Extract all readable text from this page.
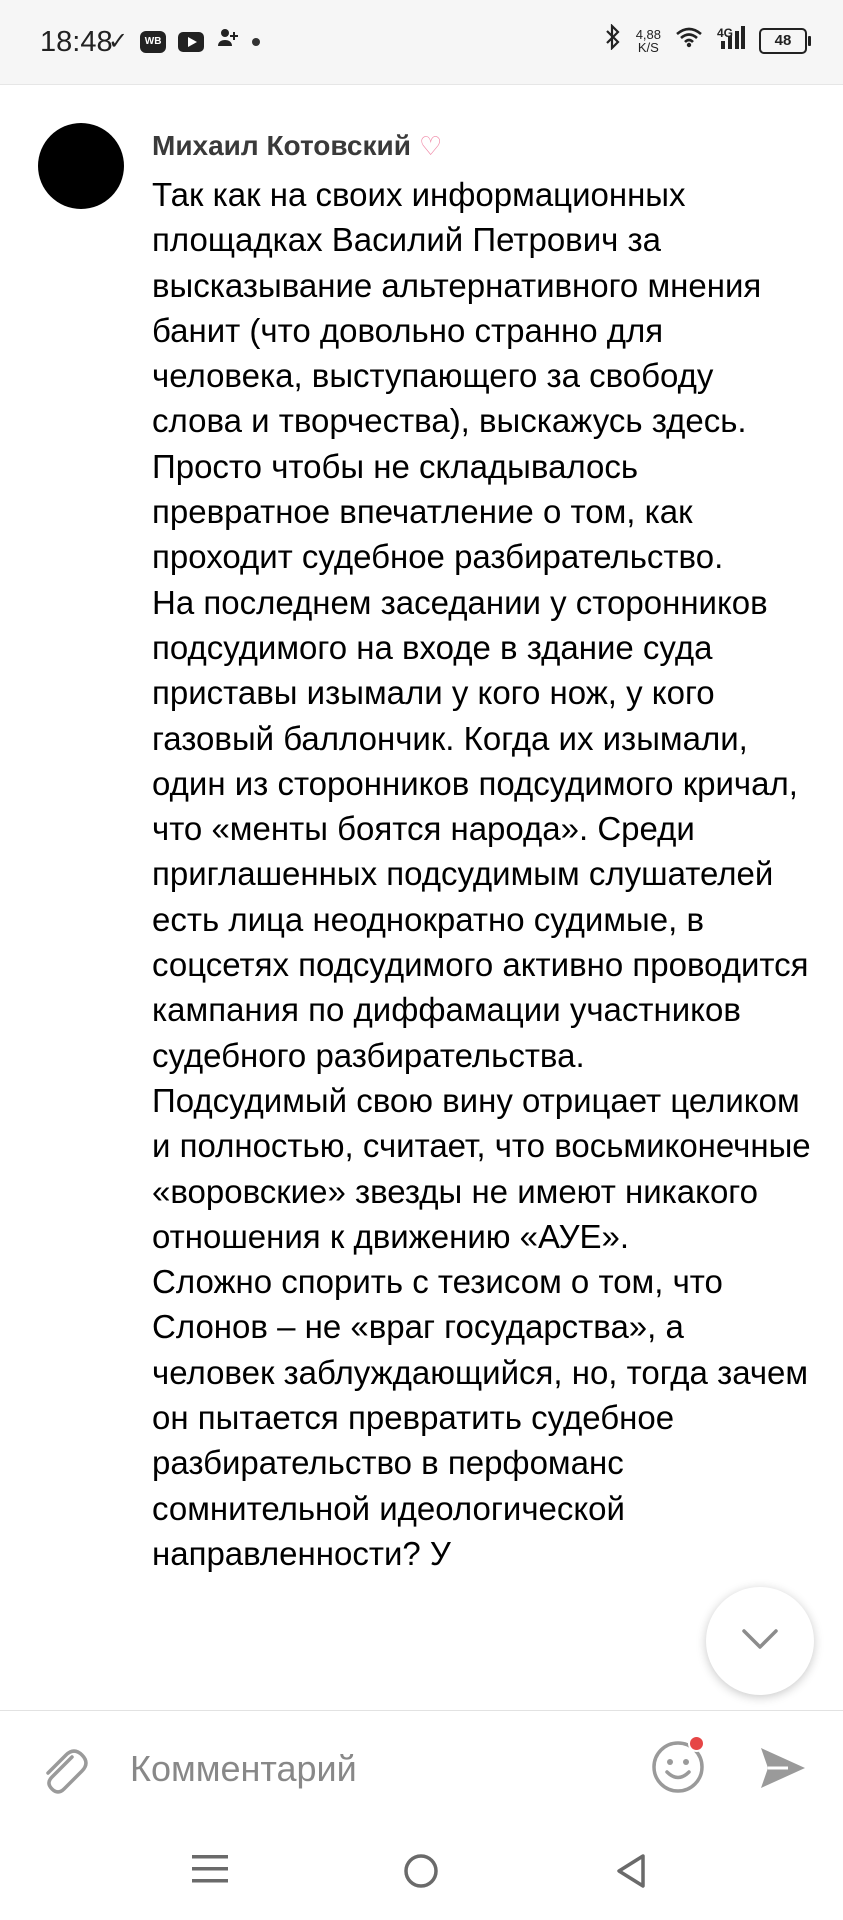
18:48
✓	WB	4,88
K/S
4G	48
Михаил Котовский ♡

Так как на своих информационных площадках Василий Петрович за высказывание альтернативного мнения банит (что довольно странно для человека, выступающего за свободу слова и творчества), выскажусь здесь. Просто чтобы не складывалось превратное впечатление о том, как проходит судебное разбирательство.

На последнем заседании у сторонников подсудимого на входе в здание суда приставы изымали у кого нож, у кого газовый баллончик. Когда их изымали, один из сторонников подсудимого кричал, что «менты боятся народа». Среди приглашенных подсудимым слушателей есть лица неоднократно судимые, в соцсетях подсудимого активно проводится кампания по диффамации участников судебного разбирательства.

Подсудимый свою вину отрицает целиком и полностью, считает, что восьмиконечные «воровские» звезды не имеют никакого отношения к движению «АУЕ».

Сложно спорить с тезисом о том, что Слонов – не «враг государства», а человек заблуждающийся, но, тогда зачем он пытается превратить судебное разбирательство в перфоманс сомнительной идеологической направленности? У

Комментарий
